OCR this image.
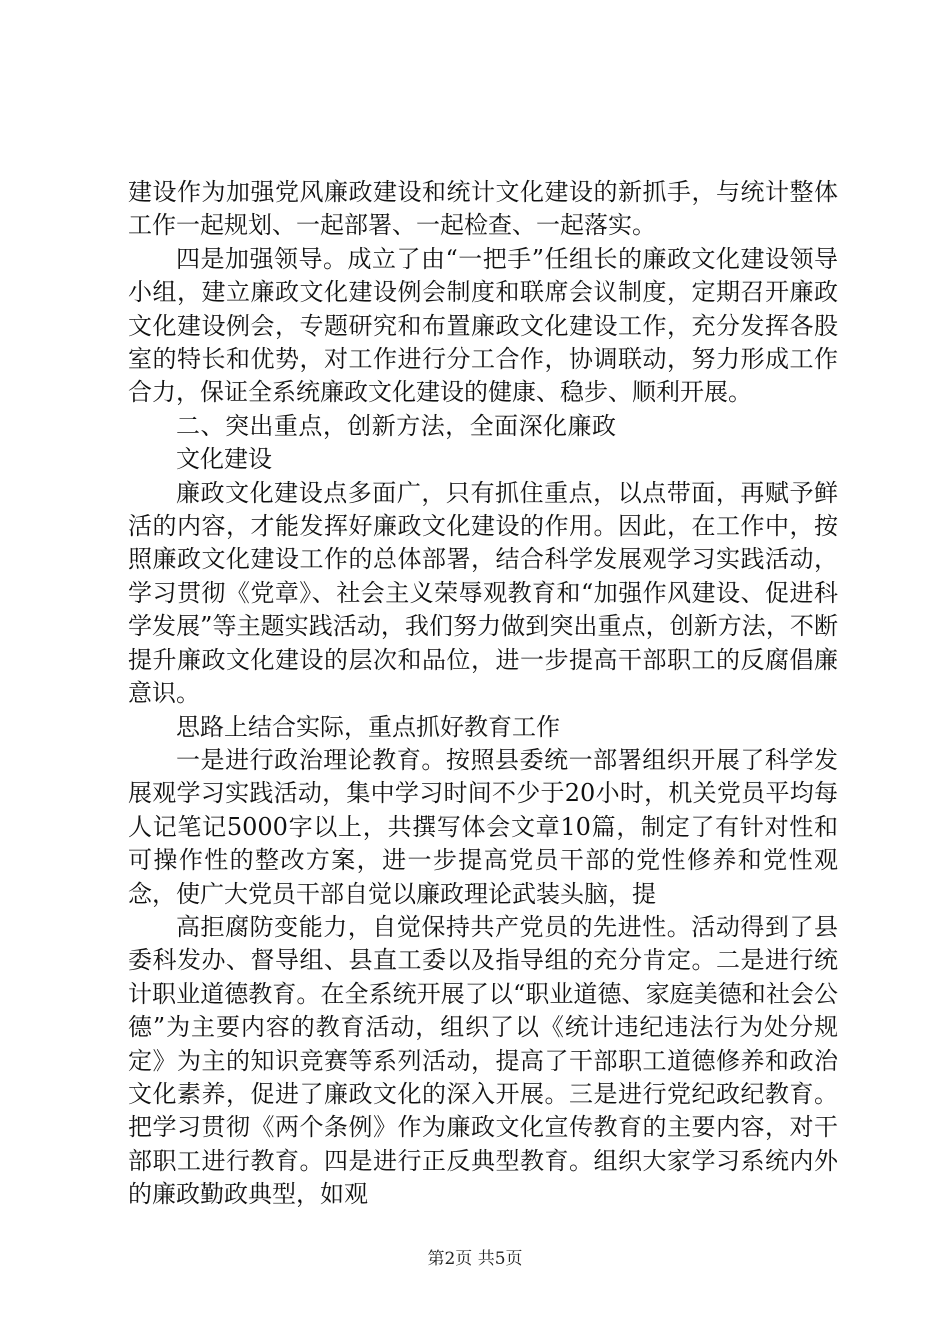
建设作为加强党风廉政建设和统计文化建设的新抓手，与统计整体工作一起规划、一起部署、一起检查、一起落实。

四是加强领导。成立了由“一把手”任组长的廉政文化建设领导小组，建立廉政文化建设例会制度和联席会议制度，定期召开廉政文化建设例会，专题研究和布置廉政文化建设工作，充分发挥各股室的特长和优势，对工作进行分工合作，协调联动，努力形成工作合力，保证全系统廉政文化建设的健康、稳步、顺利开展。

二、突出重点，创新方法，全面深化廉政文化建设

廉政文化建设点多面广，只有抓住重点，以点带面，再赋予鲜活的内容，才能发挥好廉政文化建设的作用。因此，在工作中，按照廉政文化建设工作的总体部署，结合科学发展观学习实践活动，学习贯彻《党章》、社会主义荣辱观教育和“加强作风建设、促进科学发展”等主题实践活动，我们努力做到突出重点，创新方法，不断提升廉政文化建设的层次和品位，进一步提高干部职工的反腐倡廉意识。

思路上结合实际，重点抓好教育工作

一是进行政治理论教育。按照县委统一部署组织开展了科学发展观学习实践活动，集中学习时间不少于20小时，机关党员平均每人记笔记5000字以上，共撰写体会文章10篇，制定了有针对性和可操作性的整改方案，进一步提高党员干部的党性修养和党性观念，使广大党员干部自觉以廉政理论武装头脑，提

高拒腐防变能力，自觉保持共产党员的先进性。活动得到了县委科发办、督导组、县直工委以及指导组的充分肯定。二是进行统计职业道德教育。在全系统开展了以“职业道德、家庭美德和社会公德”为主要内容的教育活动，组织了以《统计违纪违法行为处分规定》为主的知识竞赛等系列活动，提高了干部职工道德修养和政治文化素养，促进了廉政文化的深入开展。三是进行党纪政纪教育。把学习贯彻《两个条例》作为廉政文化宣传教育的主要内容，对干部职工进行教育。四是进行正反典型教育。组织大家学习系统内外的廉政勤政典型，如观

第2页 共5页
